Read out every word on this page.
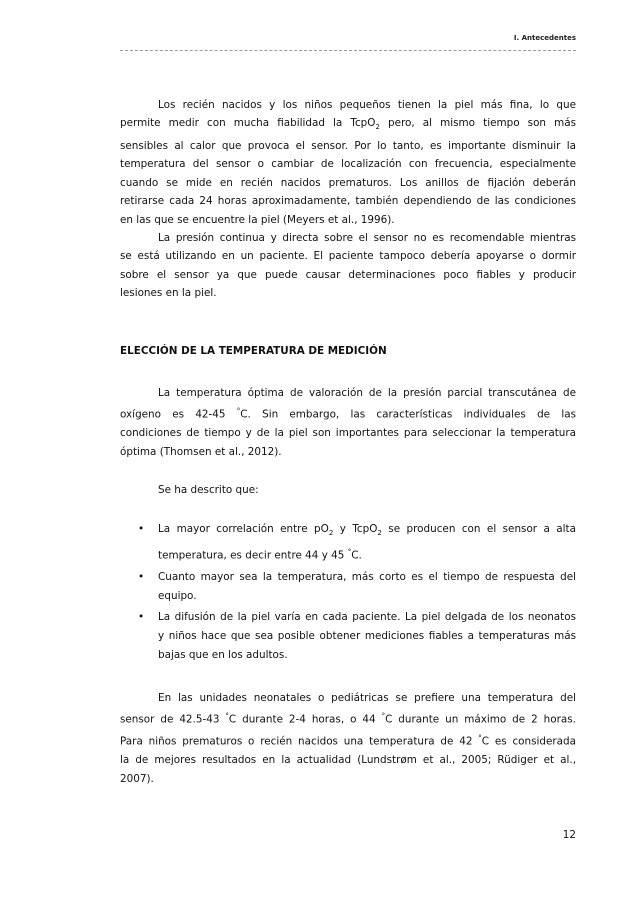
I. Antecedentes
Los recién nacidos y los niños pequeños tienen la piel más fina, lo que
permite medir con mucha fiabilidad la TcpO$_2$ pero, al mismo tiempo son más
sensibles al calor que provoca el sensor. Por lo tanto, es importante disminuir la
temperatura del sensor o cambiar de localización con frecuencia, especialmente
cuando se mide en recién nacidos prematuros. Los anillos de fijación deberán
retirarse cada 24 horas aproximadamente, también dependiendo de las condiciones
en las que se encuentre la piel (Meyers et al., 1996).
La presión continua y directa sobre el sensor no es recomendable mientras
se está utilizando en un paciente. El paciente tampoco debería apoyarse o dormir
sobre el sensor ya que puede causar determinaciones poco fiables y producir
lesiones en la piel.
ELECCIÓN DE LA TEMPERATURA DE MEDICIÓN
La temperatura óptima de valoración de la presión parcial transcutánea de
oxígeno es 42-45 °C. Sin embargo, las características individuales de las
condiciones de tiempo y de la piel son importantes para seleccionar la temperatura
óptima (Thomsen et al., 2012).
Se ha descrito que:
• La mayor correlación entre $pO_2$ y TcpO$_2$ se producen con el sensor a alta
temperatura, es decir entre 44 y 45 °C.
• Cuanto mayor sea la temperatura, más corto es el tiempo de respuesta del
equipo.
• La difusión de la piel varía en cada paciente. La piel delgada de los neonatos
y niños hace que sea posible obtener mediciones fiables a temperaturas más
bajas que en los adultos.
En las unidades neonatales o pediátricas se prefiere una temperatura del
sensor de 42.5-43 °C durante 2-4 horas, o 44 °C durante un máximo de 2 horas.
Para niños prematuros o recién nacidos una temperatura de 42 °C es considerada
la de mejores resultados en la actualidad (Lundstrøm et al., 2005; Rüdiger et al.,
2007).
12
